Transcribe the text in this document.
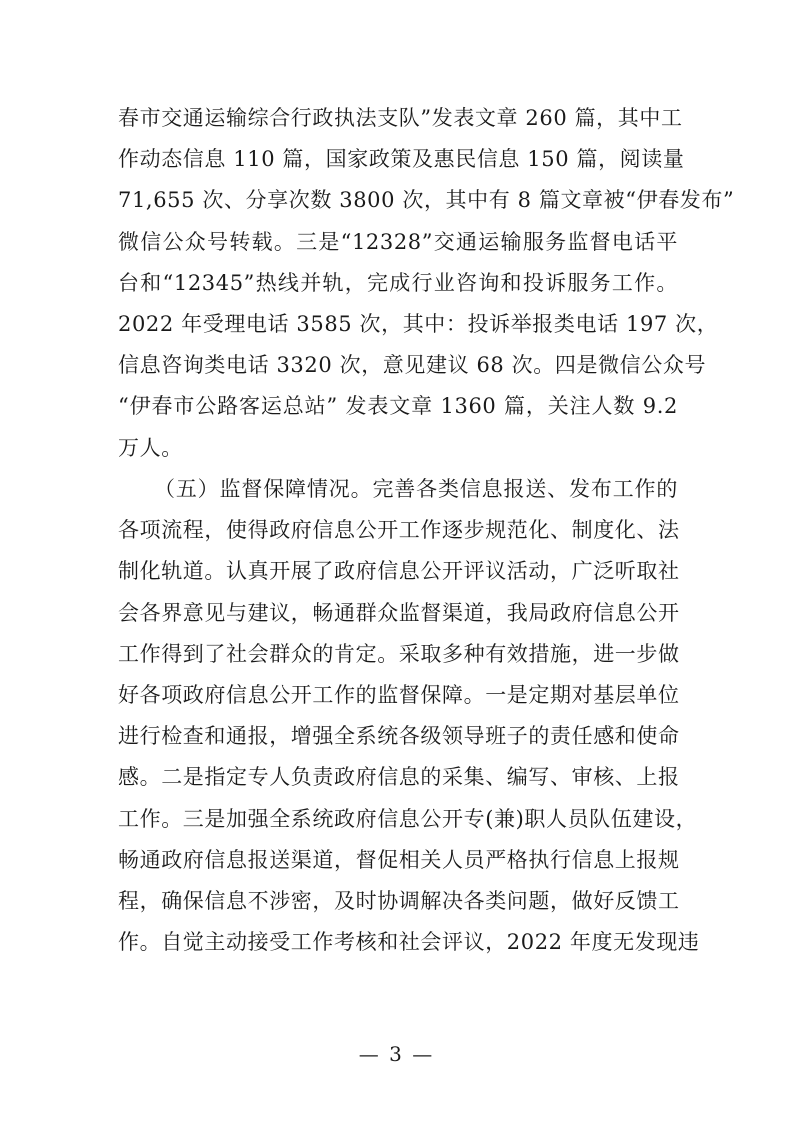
春市交通运输综合行政执法支队”发表文章 260 篇，其中工
作动态信息 110 篇，国家政策及惠民信息 150 篇，阅读量
71,655 次、分享次数 3800 次，其中有 8 篇文章被“伊春发布”
微信公众号转载。三是“12328”交通运输服务监督电话平
台和“12345”热线并轨，完成行业咨询和投诉服务工作。
2022 年受理电话 3585 次，其中：投诉举报类电话 197 次，
信息咨询类电话 3320 次，意见建议 68 次。四是微信公众号
“伊春市公路客运总站” 发表文章 1360 篇，关注人数 9.2
万人。
（五）监督保障情况。完善各类信息报送、发布工作的
各项流程，使得政府信息公开工作逐步规范化、制度化、法
制化轨道。认真开展了政府信息公开评议活动，广泛听取社
会各界意见与建议，畅通群众监督渠道，我局政府信息公开
工作得到了社会群众的肯定。采取多种有效措施，进一步做
好各项政府信息公开工作的监督保障。一是定期对基层单位
进行检查和通报，增强全系统各级领导班子的责任感和使命
感。二是指定专人负责政府信息的采集、编写、审核、上报
工作。三是加强全系统政府信息公开专(兼)职人员队伍建设，
畅通政府信息报送渠道，督促相关人员严格执行信息上报规
程，确保信息不涉密，及时协调解决各类问题，做好反馈工
作。自觉主动接受工作考核和社会评议，2022 年度无发现违
— 3 —
